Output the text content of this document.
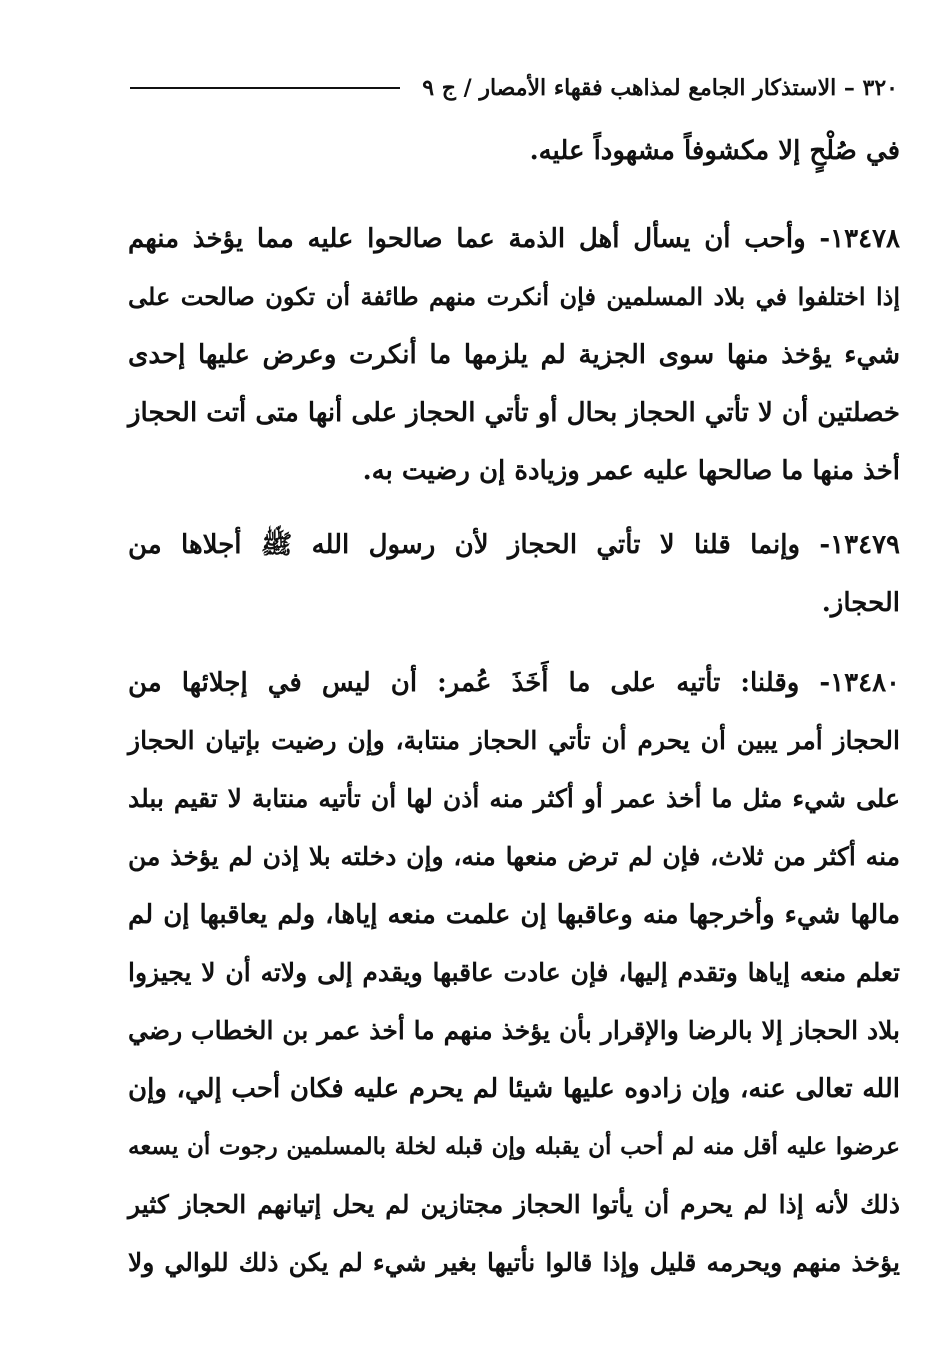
٣٢٠ – الاستذكار الجامع لمذاهب فقهاء الأمصار / ج ٩
في صُلْحٍ إلا مكشوفاً مشهوداً عليه.
١٣٤٧٨- وأحب أن يسأل أهل الذمة عما صالحوا عليه مما يؤخذ منهم
إذا اختلفوا في بلاد المسلمين فإن أنكرت منهم طائفة أن تكون صالحت على
شيء يؤخذ منها سوى الجزية لم يلزمها ما أنكرت وعرض عليها إحدى
خصلتين أن لا تأتي الحجاز بحال أو تأتي الحجاز على أنها متى أتت الحجاز
أخذ منها ما صالحها عليه عمر وزيادة إن رضيت به.
١٣٤٧٩- وإنما قلنا لا تأتي الحجاز لأن رسول الله ﷺ أجلاها من
الحجاز.
١٣٤٨٠- وقلنا: تأتيه على ما أَخَذَ عُمر: أن ليس في إجلائها من
الحجاز أمر يبين أن يحرم أن تأتي الحجاز منتابة، وإن رضيت بإتيان الحجاز
على شيء مثل ما أخذ عمر أو أكثر منه أذن لها أن تأتيه منتابة لا تقيم ببلد
منه أكثر من ثلاث، فإن لم ترض منعها منه، وإن دخلته بلا إذن لم يؤخذ من
مالها شيء وأخرجها منه وعاقبها إن علمت منعه إياها، ولم يعاقبها إن لم
تعلم منعه إياها وتقدم إليها، فإن عادت عاقبها ويقدم إلى ولاته أن لا يجيزوا
بلاد الحجاز إلا بالرضا والإقرار بأن يؤخذ منهم ما أخذ عمر بن الخطاب رضي
الله تعالى عنه، وإن زادوه عليها شيئا لم يحرم عليه فكان أحب إلي، وإن
عرضوا عليه أقل منه لم أحب أن يقبله وإن قبله لخلة بالمسلمين رجوت أن يسعه
ذلك لأنه إذا لم يحرم أن يأتوا الحجاز مجتازين لم يحل إتيانهم الحجاز كثير
يؤخذ منهم ويحرمه قليل وإذا قالوا نأتيها بغير شيء لم يكن ذلك للوالي ولا
